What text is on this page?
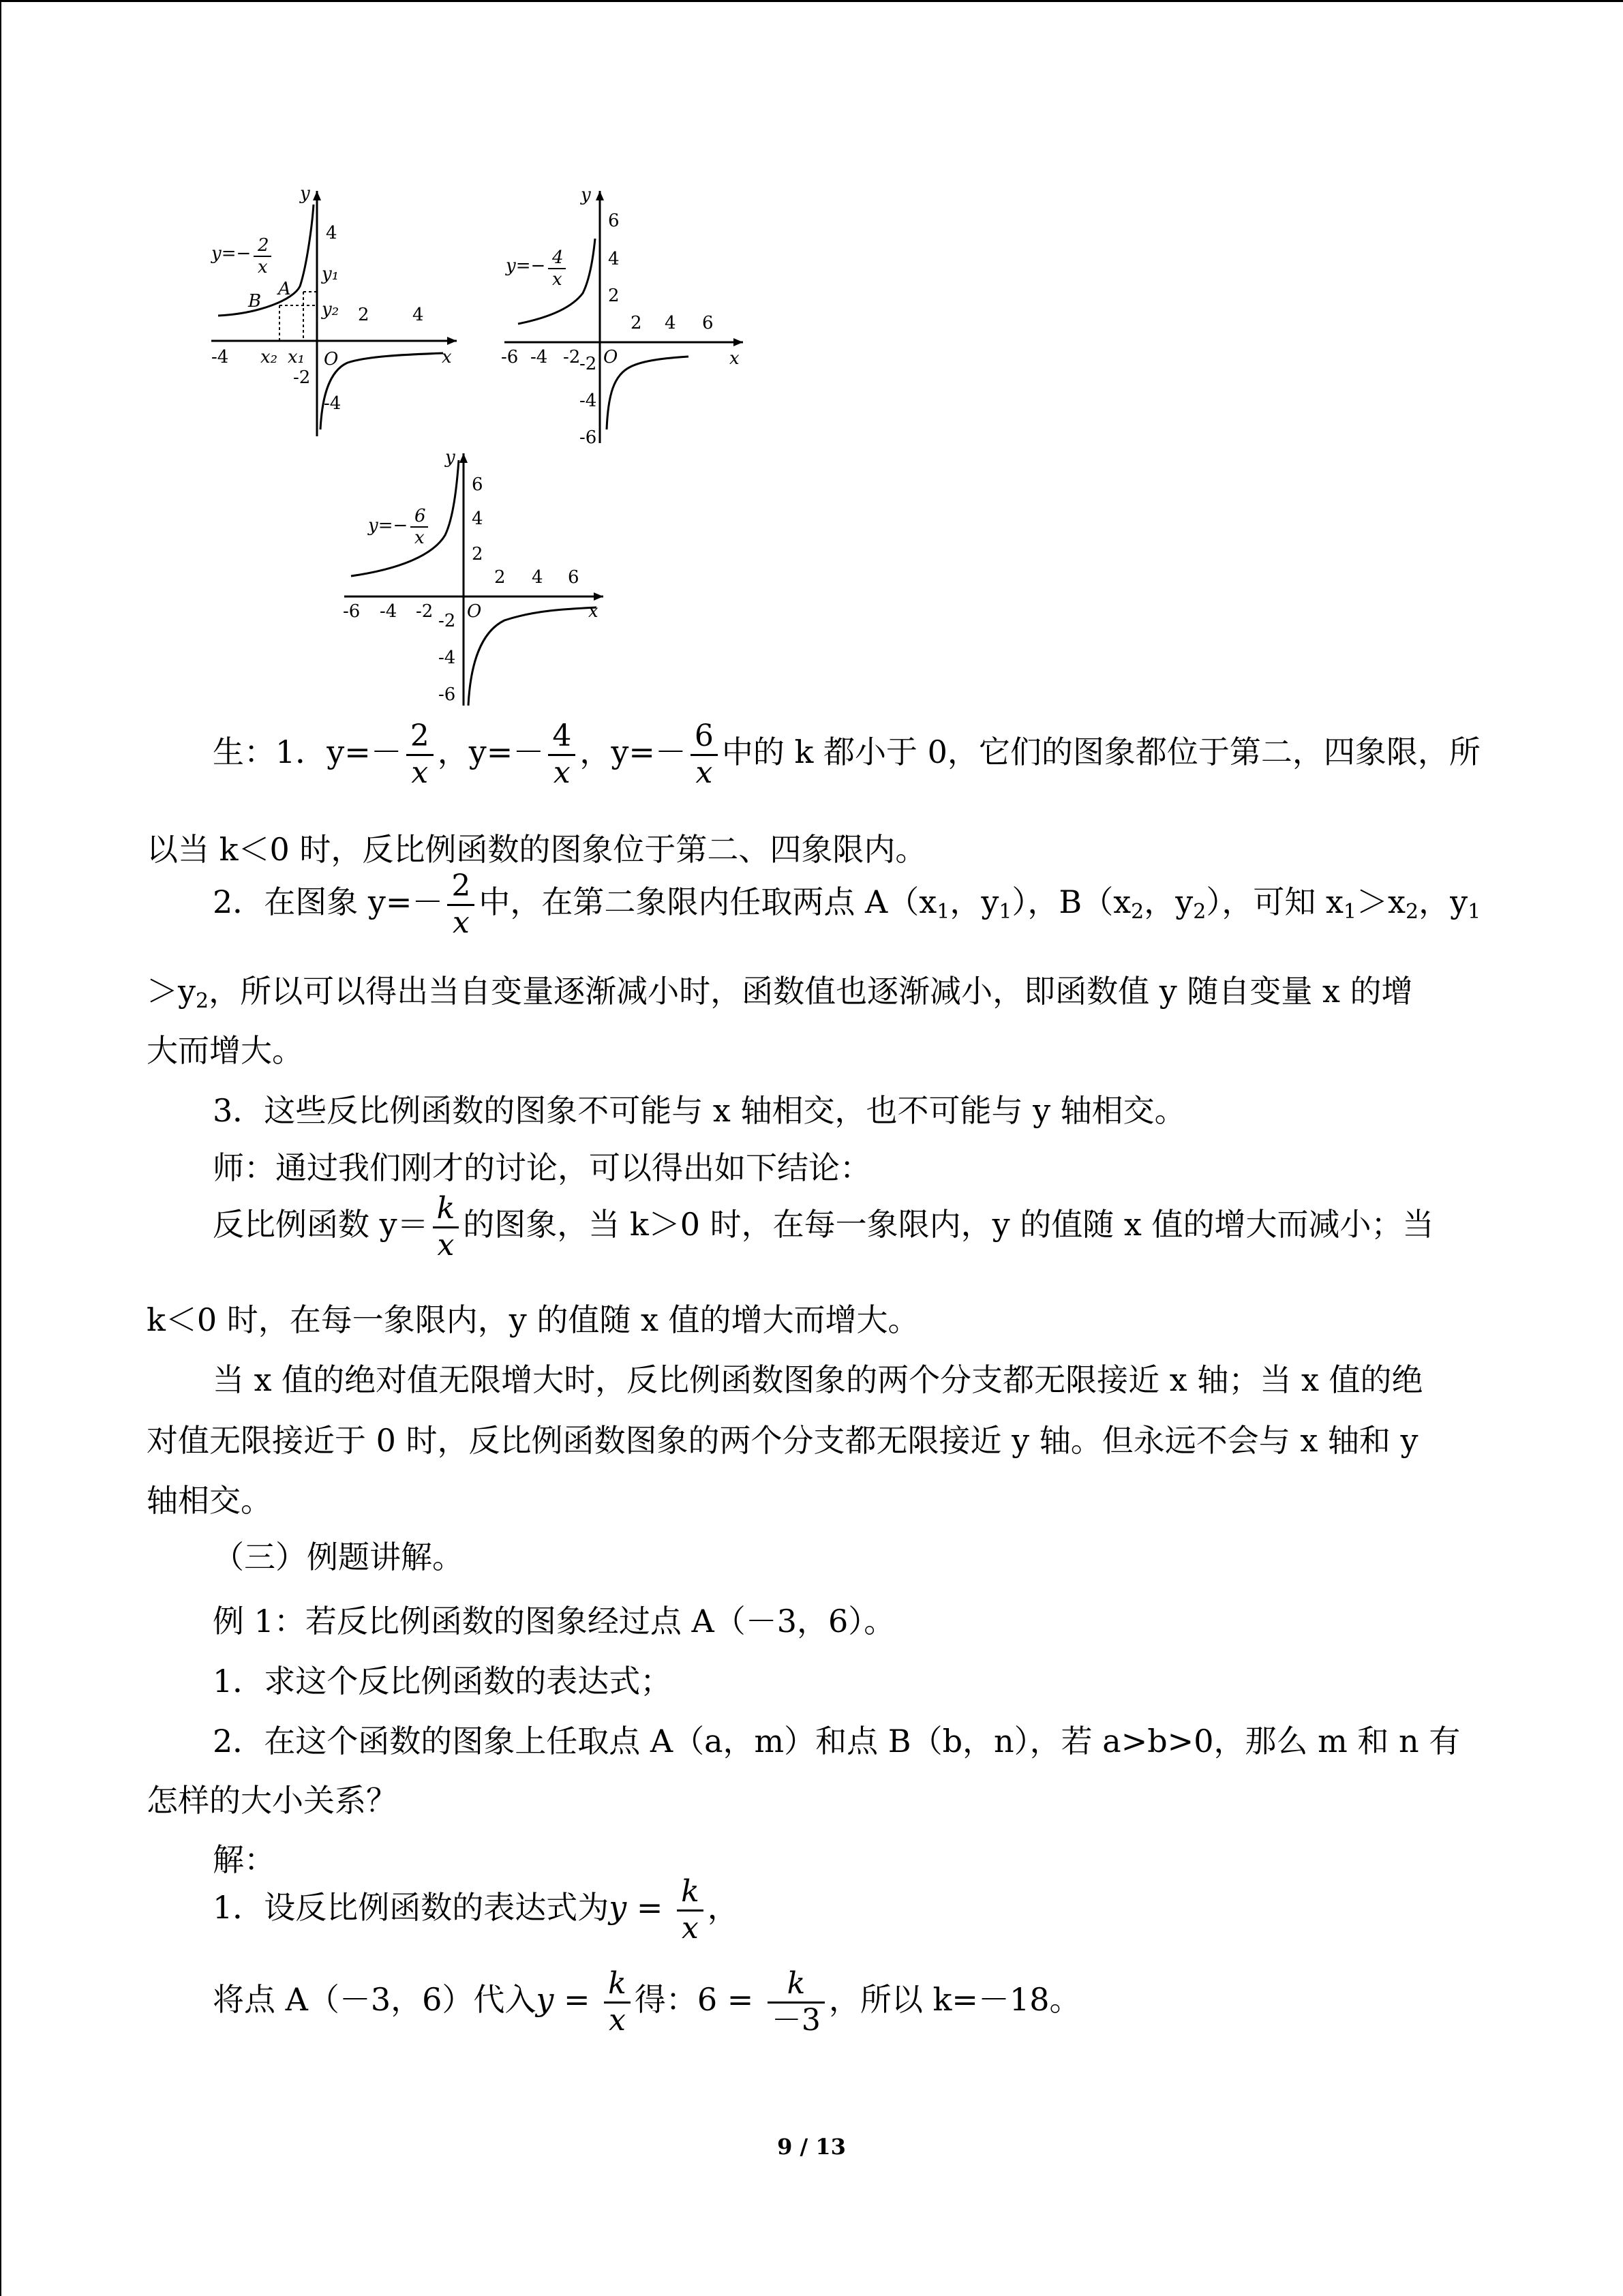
y=− 2
x
4
-4
-2
-4
2 4
O	x
y
A
B
x₂ x₁
y₁
y₂
y=− 4
x
6
4
2
-2
-4
-6
-6 -4 -2
2 4 6
O	x
y
y=− 6
x
6
4
2
-2
-4
-6
-6 -4 -2
2 4 6
O	x
y
生：1．$y=- \frac{2}{x}$ ，$y=- \frac{4}{x}$ ，$y=- \frac{6}{x}$ 中的 k 都小于 0，它们的图象都位于第二，四象限，所
以当 k＜0 时，反比例函数的图象位于第二、四象限内。
2．在图象 $y=- \frac{2}{x}$ 中，在第二象限内任取两点 $A(x_1$，$y_1$），$B(x_2$，$y_2$），可知 $x_1>x_2$，$y_1$
$>y_2$，所以可以得出当自变量逐渐减小时，函数值也逐渐减小，即函数值 y 随自变量 x 的增
大而增大。
3．这些反比例函数的图象不可能与 x 轴相交，也不可能与 y 轴相交。
师：通过我们刚才的讨论，可以得出如下结论：
反比例函数 $y= \frac{k}{x}$ 的图象，当 k＞0 时，在每一象限内，y 的值随 x 值的增大而减小；当
k＜0 时，在每一象限内，y 的值随 x 值的增大而增大。
当 x 值的绝对值无限增大时，反比例函数图象的两个分支都无限接近 x 轴；当 x 值的绝
对值无限接近于 0 时，反比例函数图象的两个分支都无限接近 y 轴。但永远不会与 x 轴和 y
轴相交。
（三）例题讲解。
例 1：若反比例函数的图象经过点 A（－3，6）。
1．求这个反比例函数的表达式；
2．在这个函数的图象上任取点 A（a，m）和点 B（b，n），若 a>b>0，那么 m 和 n 有
怎样的大小关系？
解：
1．设反比例函数的表达式为$y = \frac{k}{x}$ ，
将点 A（－3，6）代入$y = \frac{k}{x}$ 得：$6 = \frac{k}{-3}$ ，所以 k=－18。
9 / 13
